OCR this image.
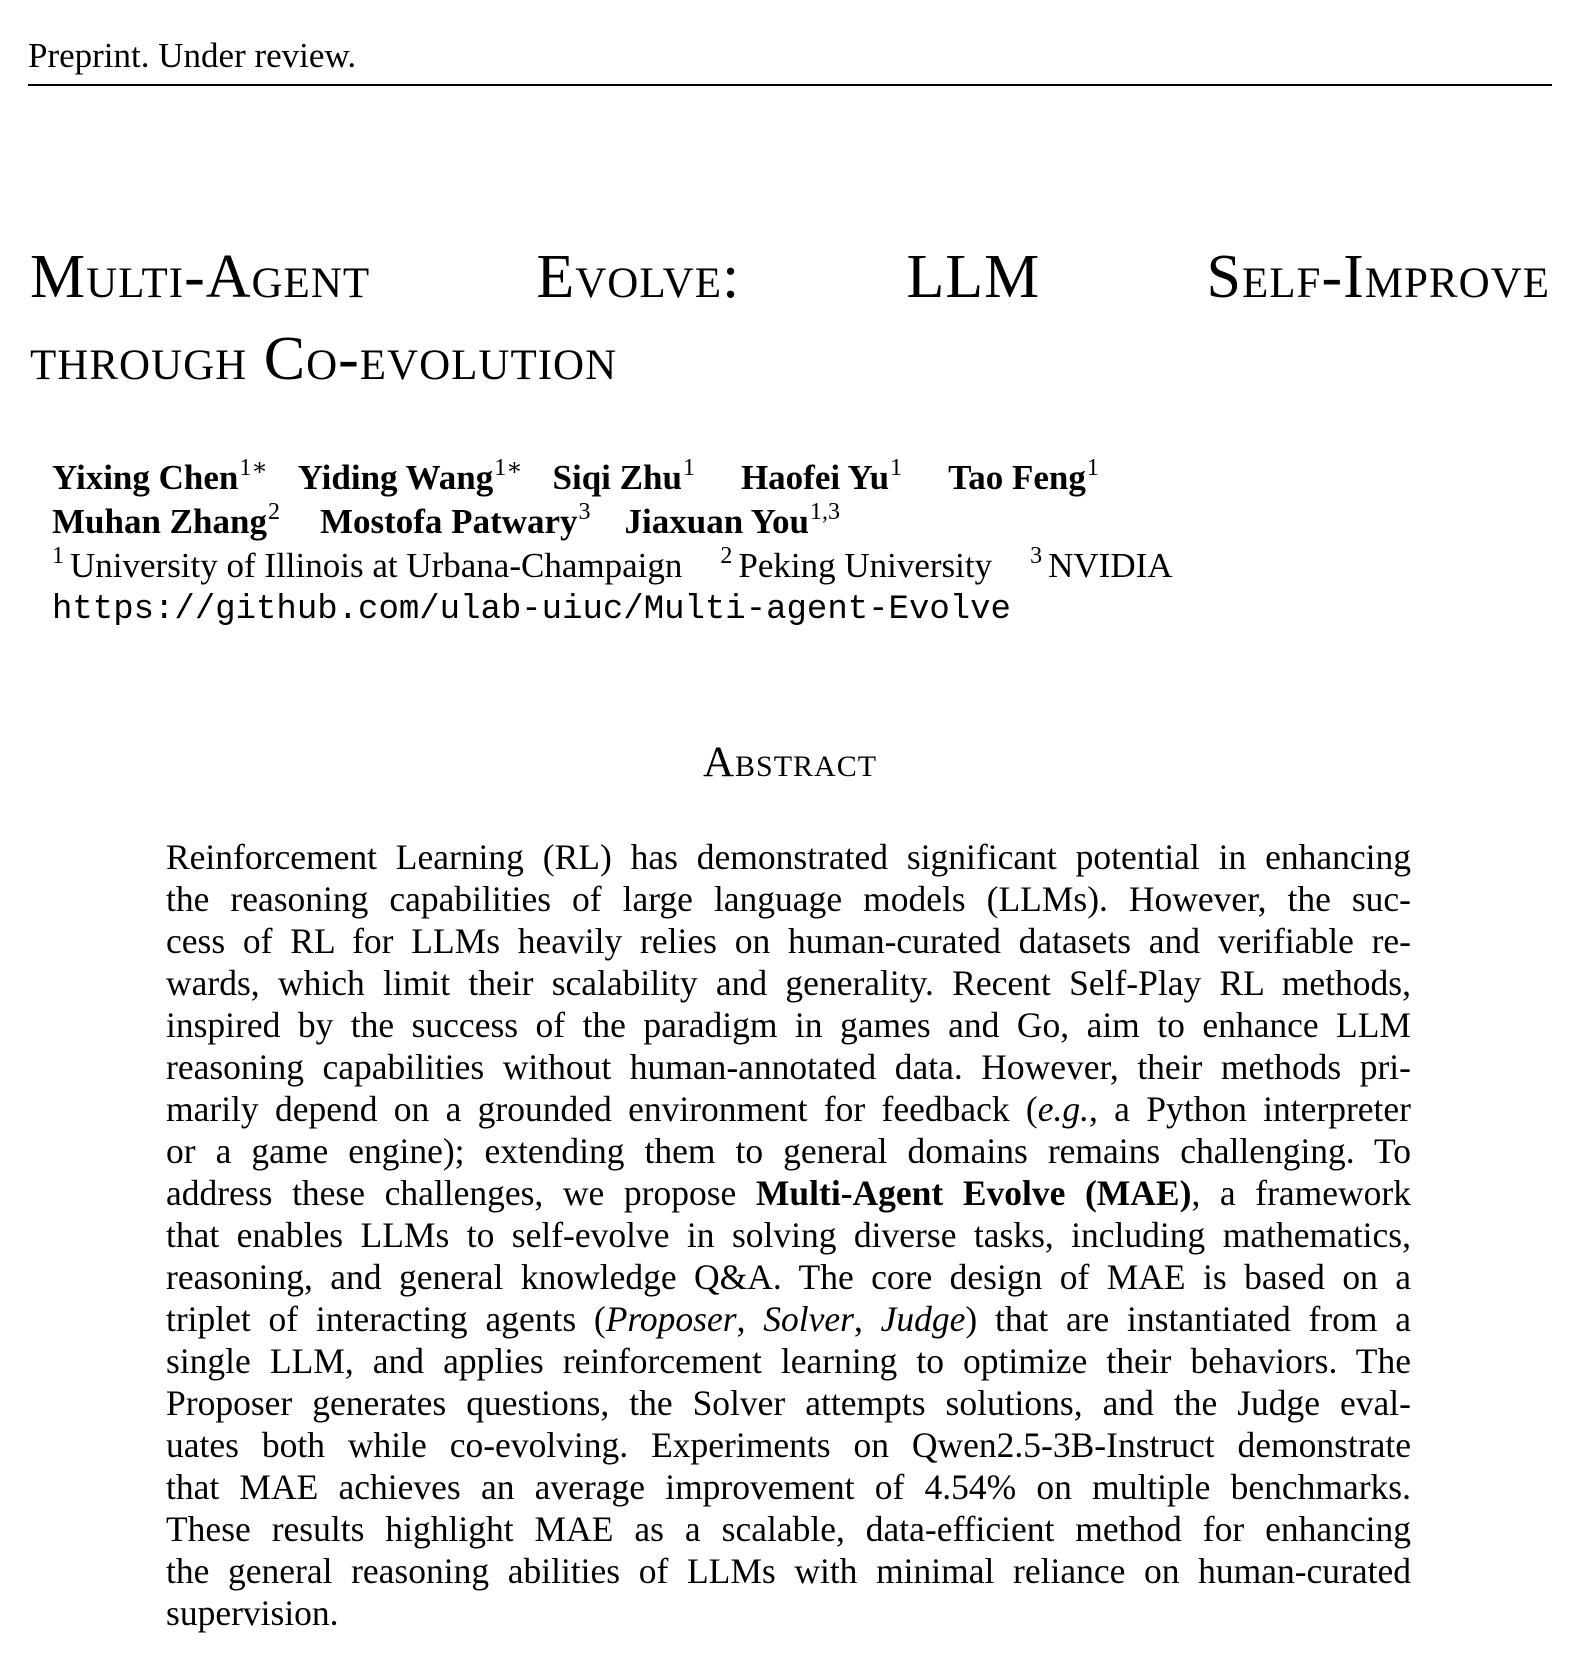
Preprint. Under review.
Multi-Agent	Evolve:	LLM	Self-Improve
through Co-evolution
Yixing Chen$^{1∗}$ Yiding Wang$^{1∗}$ Siqi Zhu$^1$ Haofei Yu$^1$ Tao Feng$^1$
Muhan Zhang$^2$ Mostofa Patwary$^3$ Jiaxuan You$^{1,3}$
$^1$ University of Illinois at Urbana-Champaign $^2$ Peking University $^3$ NVIDIA
https://github.com/ulab-uiuc/Multi-agent-Evolve
Abstract
Reinforcement Learning (RL) has demonstrated significant potential in enhancing
the reasoning capabilities of large language models (LLMs). However, the suc-
cess of RL for LLMs heavily relies on human-curated datasets and verifiable re-
wards, which limit their scalability and generality. Recent Self-Play RL methods,
inspired by the success of the paradigm in games and Go, aim to enhance LLM
reasoning capabilities without human-annotated data. However, their methods pri-
marily depend on a grounded environment for feedback (e.g., a Python interpreter
or a game engine); extending them to general domains remains challenging. To
address these challenges, we propose Multi-Agent Evolve (MAE), a framework
that enables LLMs to self-evolve in solving diverse tasks, including mathematics,
reasoning, and general knowledge Q&A. The core design of MAE is based on a
triplet of interacting agents (Proposer, Solver, Judge) that are instantiated from a
single LLM, and applies reinforcement learning to optimize their behaviors. The
Proposer generates questions, the Solver attempts solutions, and the Judge eval-
uates both while co-evolving. Experiments on Qwen2.5-3B-Instruct demonstrate
that MAE achieves an average improvement of 4.54% on multiple benchmarks.
These results highlight MAE as a scalable, data-efficient method for enhancing
the general reasoning abilities of LLMs with minimal reliance on human-curated
supervision.
